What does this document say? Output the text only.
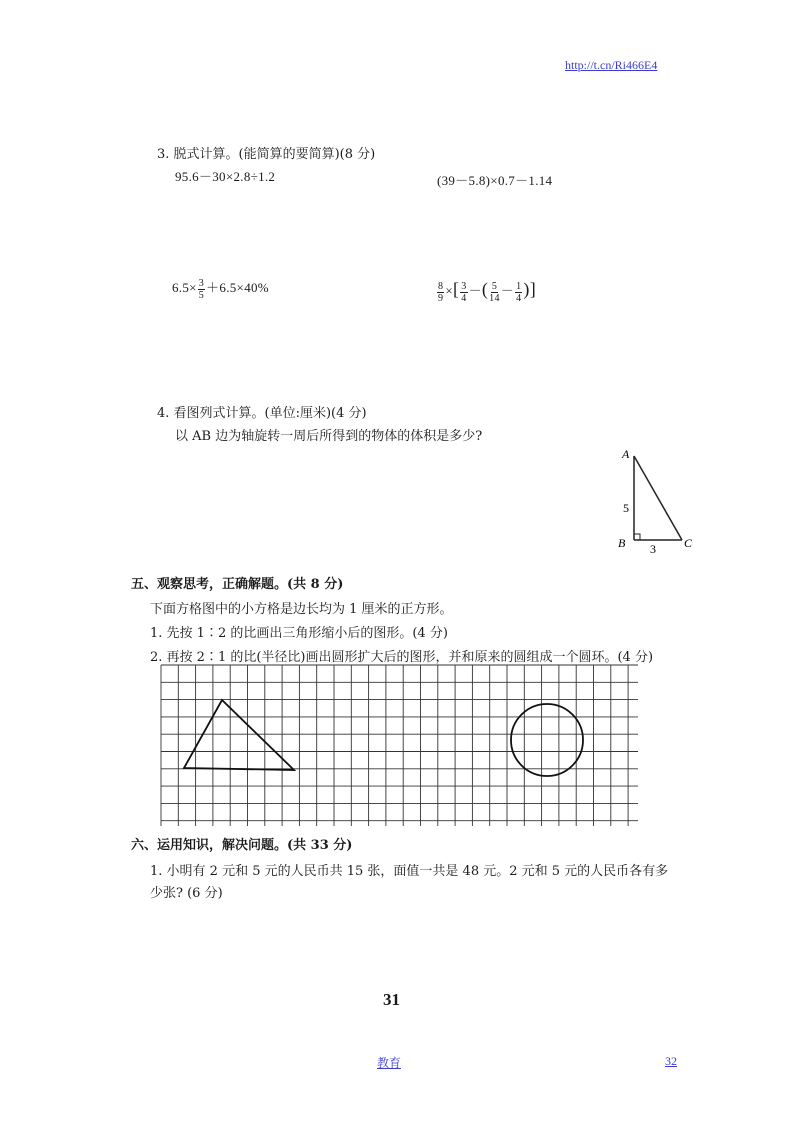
http://t.cn/Ri466E4
3. 脱式计算。(能简算的要简算)(8 分)
95.6－30×2.8÷1.2	(39－5.8)×0.7－1.14
$6.5\times \frac{3}{5} +6.5\times 40\%$	$\frac{8}{9}$ ×[ $\frac{3}{4}$ －( $\frac{5}{14} - \frac{1}{4}$ )]
4. 看图列式计算。(单位:厘米)(4 分)
以 AB 边为轴旋转一周后所得到的物体的体积是多少?
A
B	C
5
3
五、观察思考，正确解题。(共 8 分)
下面方格图中的小方格是边长均为 1 厘米的正方形。
1. 先按 1∶2 的比画出三角形缩小后的图形。(4 分)
2. 再按 2∶1 的比(半径比)画出圆形扩大后的图形，并和原来的圆组成一个圆环。(4 分)
六、运用知识，解决问题。(共 33 分)
1. 小明有 2 元和 5 元的人民币共 15 张，面值一共是 48 元。2 元和 5 元的人民币各有多
少张? (6 分)
31
教育	32
